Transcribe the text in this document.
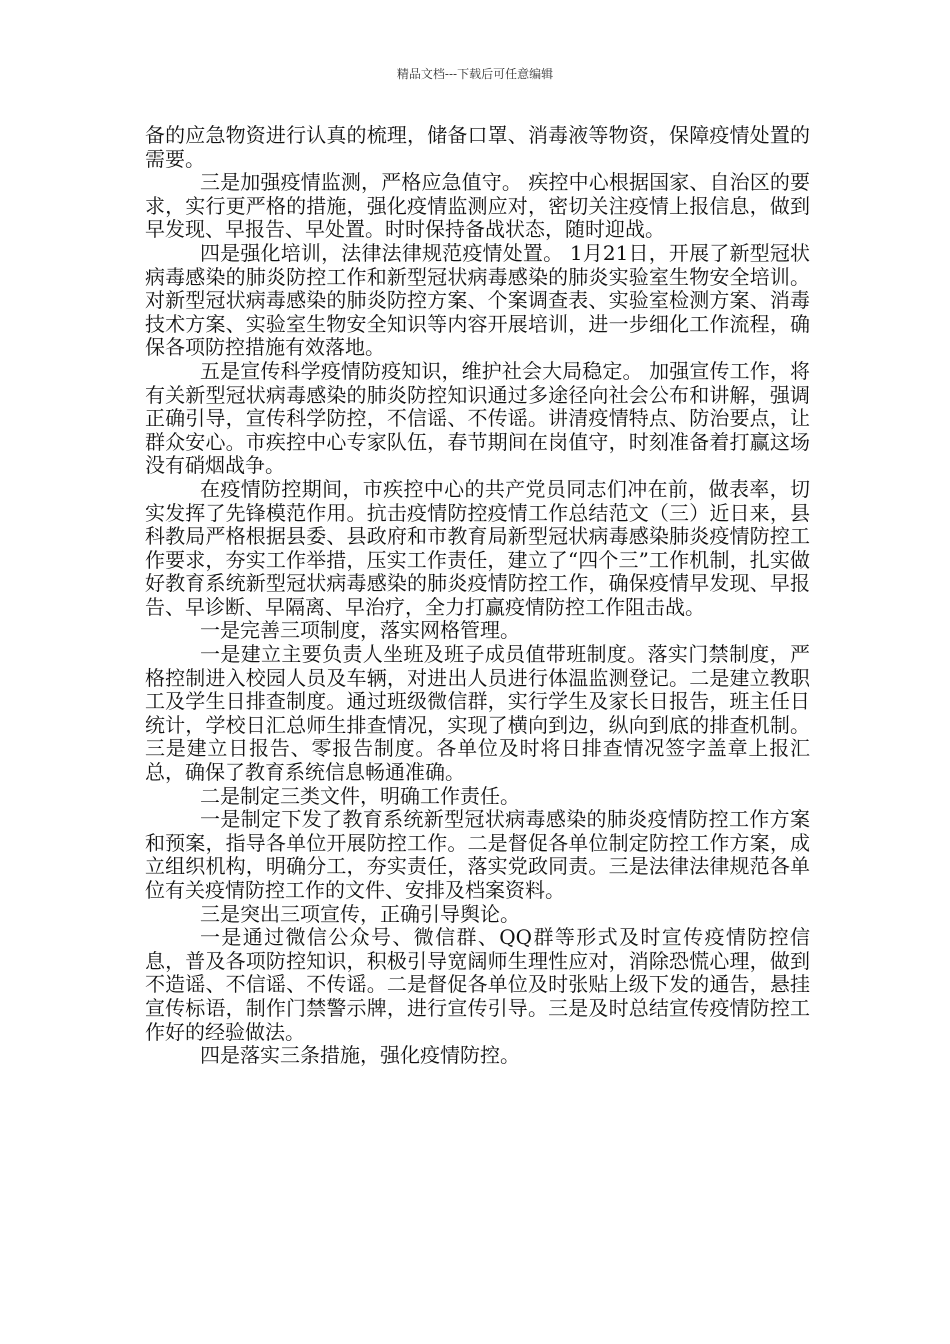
精品文档---下载后可任意编辑

备的应急物资进行认真的梳理，储备口罩、消毒液等物资，保障疫情处置的需要。

三是加强疫情监测，严格应急值守。 疾控中心根据国家、自治区的要求，实行更严格的措施，强化疫情监测应对，密切关注疫情上报信息，做到早发现、早报告、早处置。时时保持备战状态，随时迎战。

四是强化培训，法律法律规范疫情处置。 1月21日，开展了新型冠状病毒感染的肺炎防控工作和新型冠状病毒感染的肺炎实验室生物安全培训。对新型冠状病毒感染的肺炎防控方案、个案调查表、实验室检测方案、消毒技术方案、实验室生物安全知识等内容开展培训，进一步细化工作流程，确保各项防控措施有效落地。

五是宣传科学疫情防疫知识，维护社会大局稳定。 加强宣传工作，将有关新型冠状病毒感染的肺炎防控知识通过多途径向社会公布和讲解，强调正确引导，宣传科学防控，不信谣、不传谣。讲清疫情特点、防治要点，让群众安心。市疾控中心专家队伍，春节期间在岗值守，时刻准备着打赢这场没有硝烟战争。

在疫情防控期间，市疾控中心的共产党员同志们冲在前，做表率，切实发挥了先锋模范作用。抗击疫情防控疫情工作总结范文（三）近日来，县科教局严格根据县委、县政府和市教育局新型冠状病毒感染肺炎疫情防控工作要求，夯实工作举措，压实工作责任，建立了“四个三”工作机制，扎实做好教育系统新型冠状病毒感染的肺炎疫情防控工作，确保疫情早发现、早报告、早诊断、早隔离、早治疗，全力打赢疫情防控工作阻击战。

一是完善三项制度，落实网格管理。

一是建立主要负责人坐班及班子成员值带班制度。落实门禁制度，严格控制进入校园人员及车辆，对进出人员进行体温监测登记。二是建立教职工及学生日排查制度。通过班级微信群，实行学生及家长日报告，班主任日统计，学校日汇总师生排查情况，实现了横向到边，纵向到底的排查机制。三是建立日报告、零报告制度。各单位及时将日排查情况签字盖章上报汇总，确保了教育系统信息畅通准确。

二是制定三类文件，明确工作责任。

一是制定下发了教育系统新型冠状病毒感染的肺炎疫情防控工作方案和预案，指导各单位开展防控工作。二是督促各单位制定防控工作方案，成立组织机构，明确分工，夯实责任，落实党政同责。三是法律法律规范各单位有关疫情防控工作的文件、安排及档案资料。

三是突出三项宣传，正确引导舆论。

一是通过微信公众号、微信群、QQ群等形式及时宣传疫情防控信息，普及各项防控知识，积极引导宽阔师生理性应对，消除恐慌心理，做到不造谣、不信谣、不传谣。二是督促各单位及时张贴上级下发的通告，悬挂宣传标语，制作门禁警示牌，进行宣传引导。三是及时总结宣传疫情防控工作好的经验做法。

四是落实三条措施，强化疫情防控。
